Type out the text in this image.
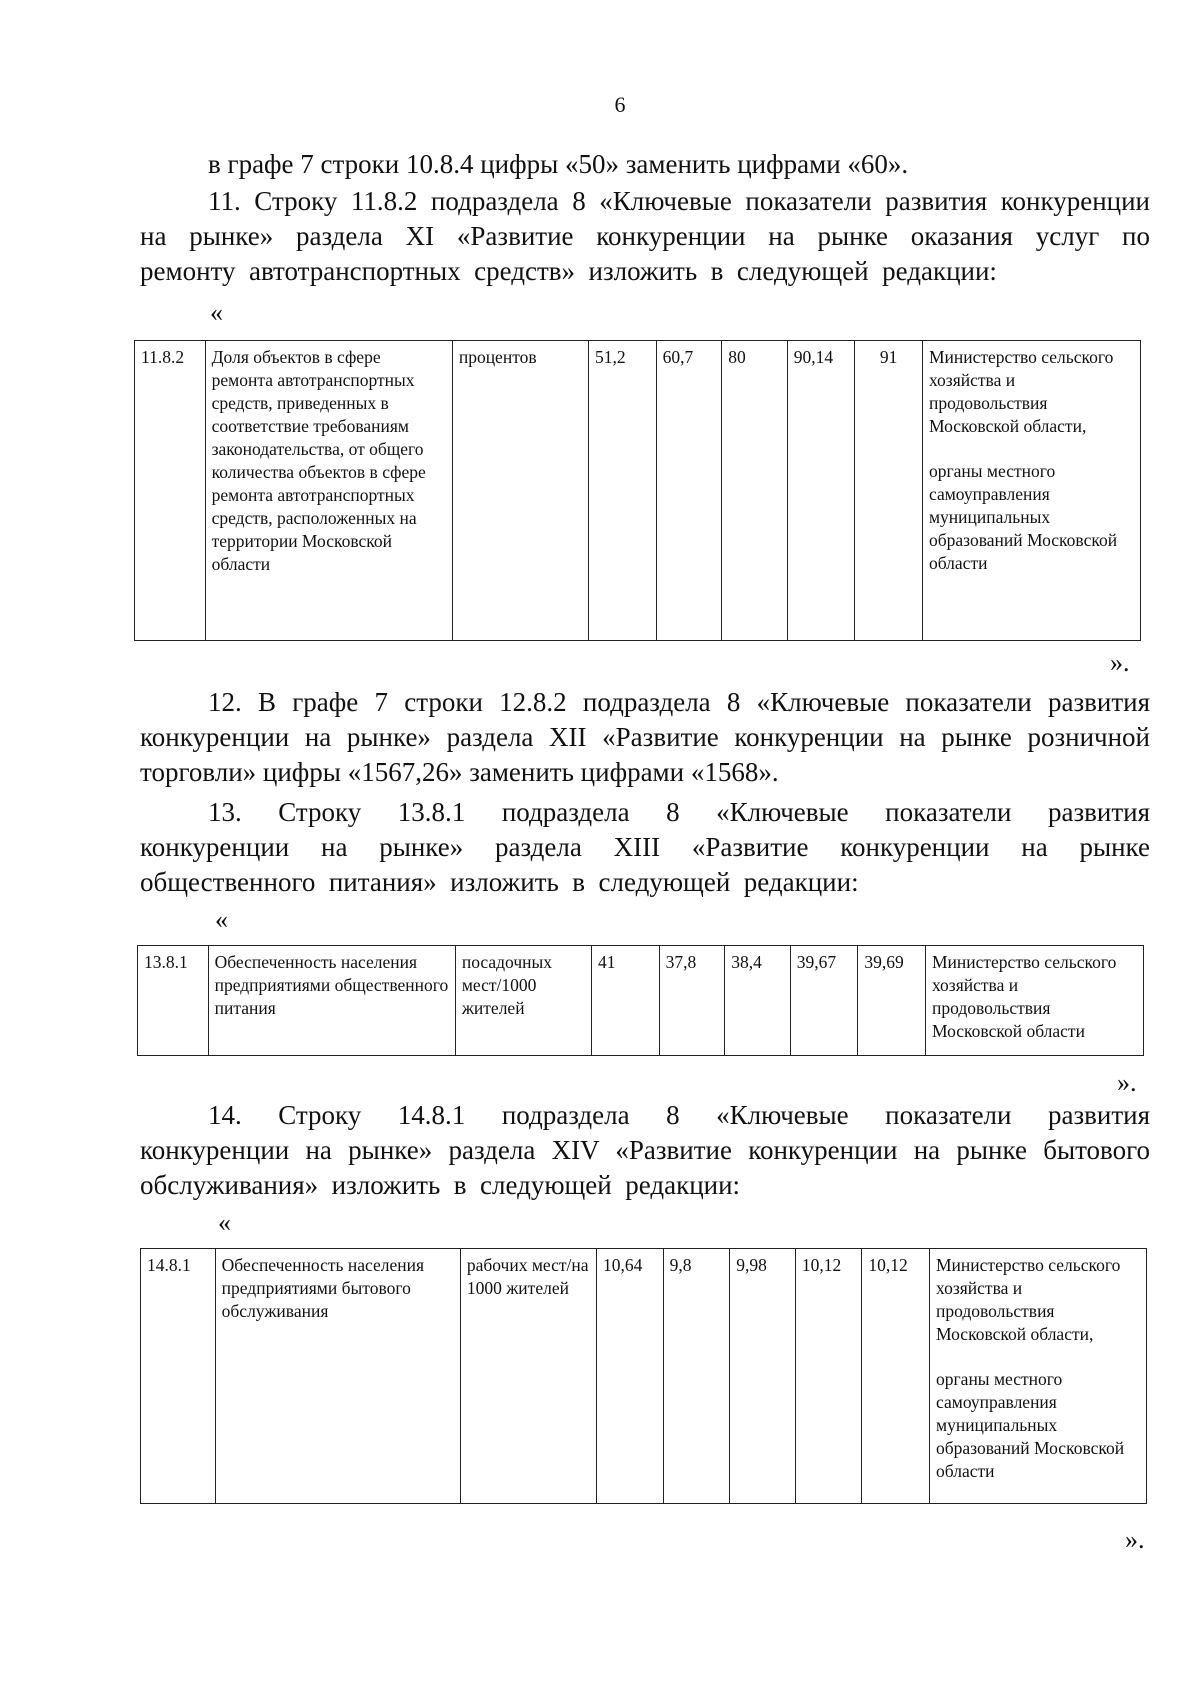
6

в графе 7 строки 10.8.4 цифры «50» заменить цифрами «60».

11. Строку 11.8.2 подраздела 8 «Ключевые показатели развития конкуренции на рынке» раздела XI «Развитие конкуренции на рынке оказания услуг по ремонту автотранспортных средств» изложить в следующей редакции:

«
11.8.2	Доля объектов в сфере ремонта автотранспортных средств, приведенных в соответствие требованиям законодательства, от общего количества объектов в сфере ремонта автотранспортных средств, расположенных на территории Московской области	процентов	51,2	60,7	80	90,14	91	Министерство сельского хозяйства и продовольствия Московской области,
органы местного самоуправления муниципальных образований Московской области
».

12. В графе 7 строки 12.8.2 подраздела 8 «Ключевые показатели развития конкуренции на рынке» раздела XII «Развитие конкуренции на рынке розничной торговли» цифры «1567,26» заменить цифрами «1568».

13. Строку 13.8.1 подраздела 8 «Ключевые показатели развития конкуренции на рынке» раздела XIII «Развитие конкуренции на рынке общественного питания» изложить в следующей редакции:

«
13.8.1	Обеспеченность населения предприятиями общественного питания	посадочных мест/1000 жителей	41	37,8	38,4	39,67	39,69	Министерство сельского хозяйства и продовольствия Московской области
».

14. Строку 14.8.1 подраздела 8 «Ключевые показатели развития конкуренции на рынке» раздела XIV «Развитие конкуренции на рынке бытового обслуживания» изложить в следующей редакции:

«
14.8.1	Обеспеченность населения предприятиями бытового обслуживания	рабочих мест/на 1000 жителей	10,64	9,8	9,98	10,12	10,12	Министерство сельского хозяйства и продовольствия Московской области,
органы местного самоуправления муниципальных образований Московской области
».
